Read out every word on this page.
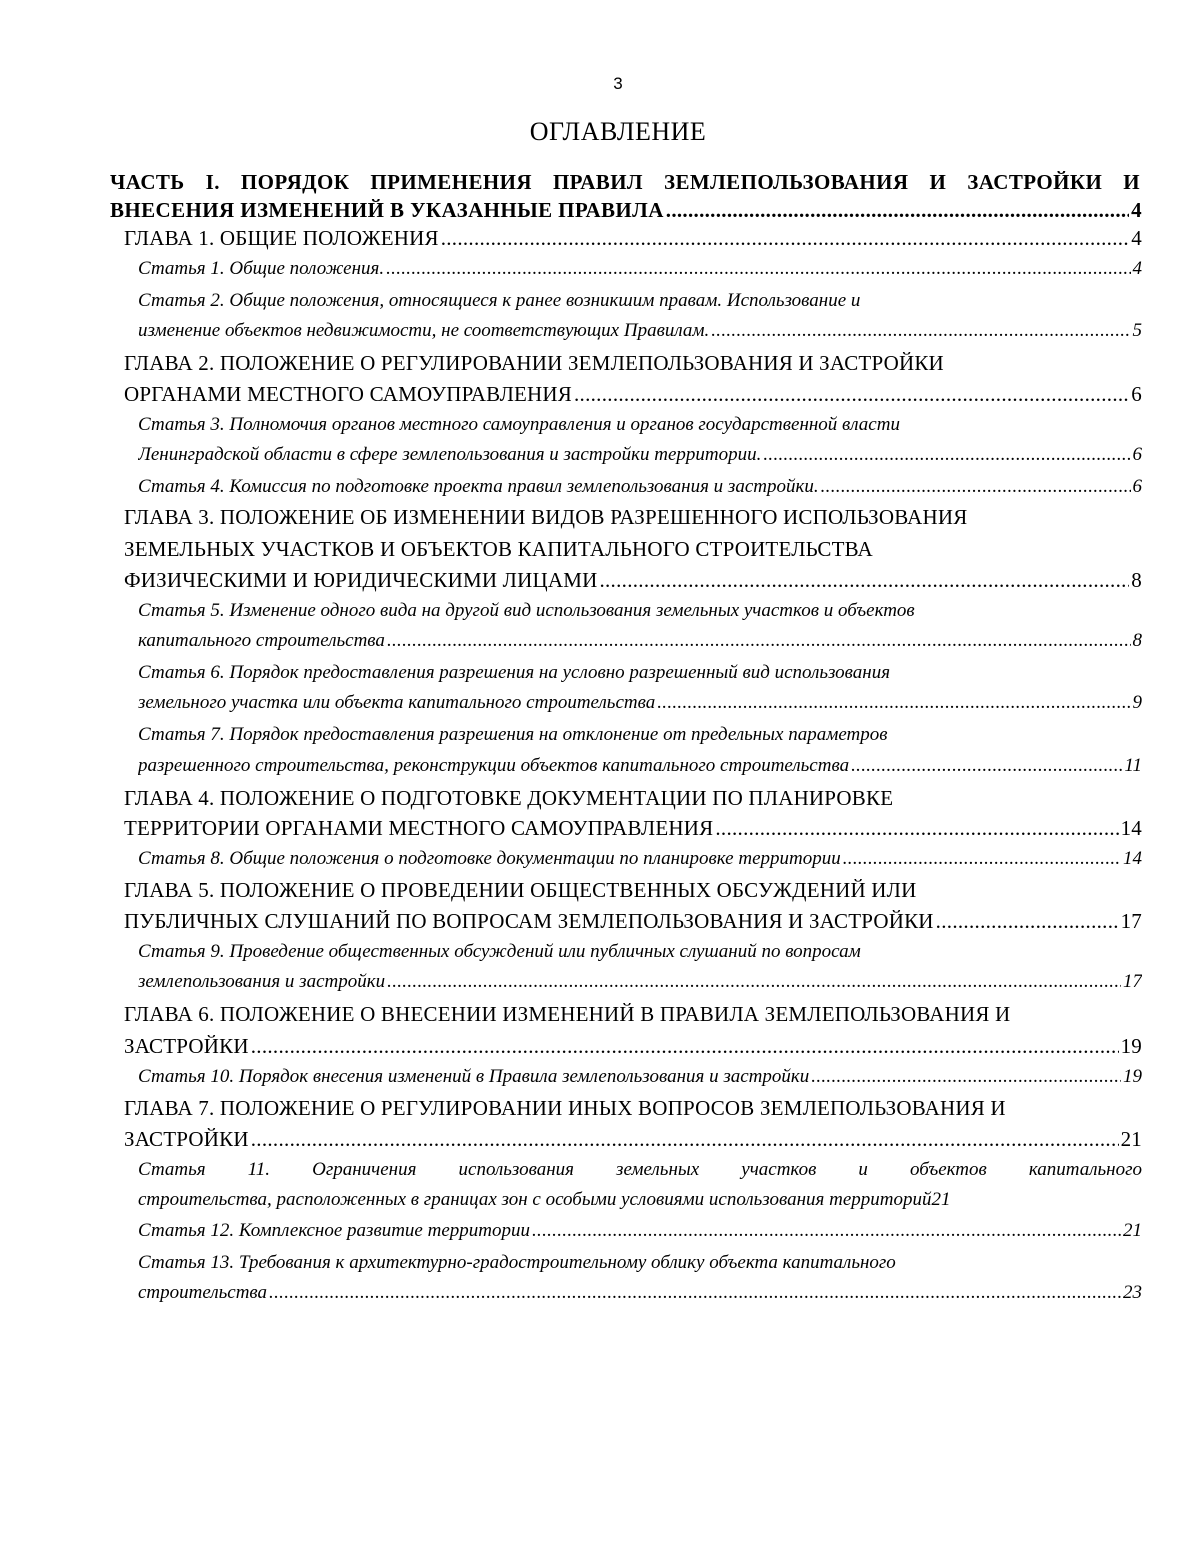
3
ОГЛАВЛЕНИЕ
ЧАСТЬ I. ПОРЯДОК ПРИМЕНЕНИЯ ПРАВИЛ ЗЕМЛЕПОЛЬЗОВАНИЯ И ЗАСТРОЙКИ И
ВНЕСЕНИЯ ИЗМЕНЕНИЙ В УКАЗАННЫЕ ПРАВИЛА .....	4
ГЛАВА 1. ОБЩИЕ ПОЛОЖЕНИЯ .....	4
Статья 1. Общие положения. .....	4
Статья 2. Общие положения, относящиеся к ранее возникшим правам. Использование и
изменение объектов недвижимости, не соответствующих Правилам. .....	5
ГЛАВА 2. ПОЛОЖЕНИЕ О РЕГУЛИРОВАНИИ ЗЕМЛЕПОЛЬЗОВАНИЯ И ЗАСТРОЙКИ
ОРГАНАМИ МЕСТНОГО САМОУПРАВЛЕНИЯ .....	6
Статья 3. Полномочия органов местного самоуправления и органов государственной власти
Ленинградской области в сфере землепользования и застройки территории. .....	6
Статья 4. Комиссия по подготовке проекта правил землепользования и застройки. .....	6
ГЛАВА 3. ПОЛОЖЕНИЕ ОБ ИЗМЕНЕНИИ ВИДОВ РАЗРЕШЕННОГО ИСПОЛЬЗОВАНИЯ
ЗЕМЕЛЬНЫХ УЧАСТКОВ И ОБЪЕКТОВ КАПИТАЛЬНОГО СТРОИТЕЛЬСТВА
ФИЗИЧЕСКИМИ И ЮРИДИЧЕСКИМИ ЛИЦАМИ .....	8
Статья 5. Изменение одного вида на другой вид использования земельных участков и объектов
капитального строительства .....	8
Статья 6. Порядок предоставления разрешения на условно разрешенный вид использования
земельного участка или объекта капитального строительства .....	9
Статья 7. Порядок предоставления разрешения на отклонение от предельных параметров
разрешенного строительства, реконструкции объектов капитального строительства .....	11
ГЛАВА 4. ПОЛОЖЕНИЕ О ПОДГОТОВКЕ ДОКУМЕНТАЦИИ ПО ПЛАНИРОВКЕ
ТЕРРИТОРИИ ОРГАНАМИ МЕСТНОГО САМОУПРАВЛЕНИЯ .....	14
Статья 8. Общие положения о подготовке документации по планировке территории .....	14
ГЛАВА 5. ПОЛОЖЕНИЕ О ПРОВЕДЕНИИ ОБЩЕСТВЕННЫХ ОБСУЖДЕНИЙ ИЛИ
ПУБЛИЧНЫХ СЛУШАНИЙ ПО ВОПРОСАМ ЗЕМЛЕПОЛЬЗОВАНИЯ И ЗАСТРОЙКИ .....	17
Статья 9. Проведение общественных обсуждений или публичных слушаний по вопросам
землепользования и застройки .....	17
ГЛАВА 6. ПОЛОЖЕНИЕ О ВНЕСЕНИИ ИЗМЕНЕНИЙ В ПРАВИЛА ЗЕМЛЕПОЛЬЗОВАНИЯ И
ЗАСТРОЙКИ .....	19
Статья 10. Порядок внесения изменений в Правила землепользования и застройки .....	19
ГЛАВА 7. ПОЛОЖЕНИЕ О РЕГУЛИРОВАНИИ ИНЫХ ВОПРОСОВ ЗЕМЛЕПОЛЬЗОВАНИЯ И
ЗАСТРОЙКИ .....	21
Статья 11. Ограничения использования земельных участков и объектов капитального
строительства, расположенных в границах зон с особыми условиями использования территорий21
Статья 12. Комплексное развитие территории .....	21
Статья 13. Требования к архитектурно-градостроительному облику объекта капитального
строительства .....	23
